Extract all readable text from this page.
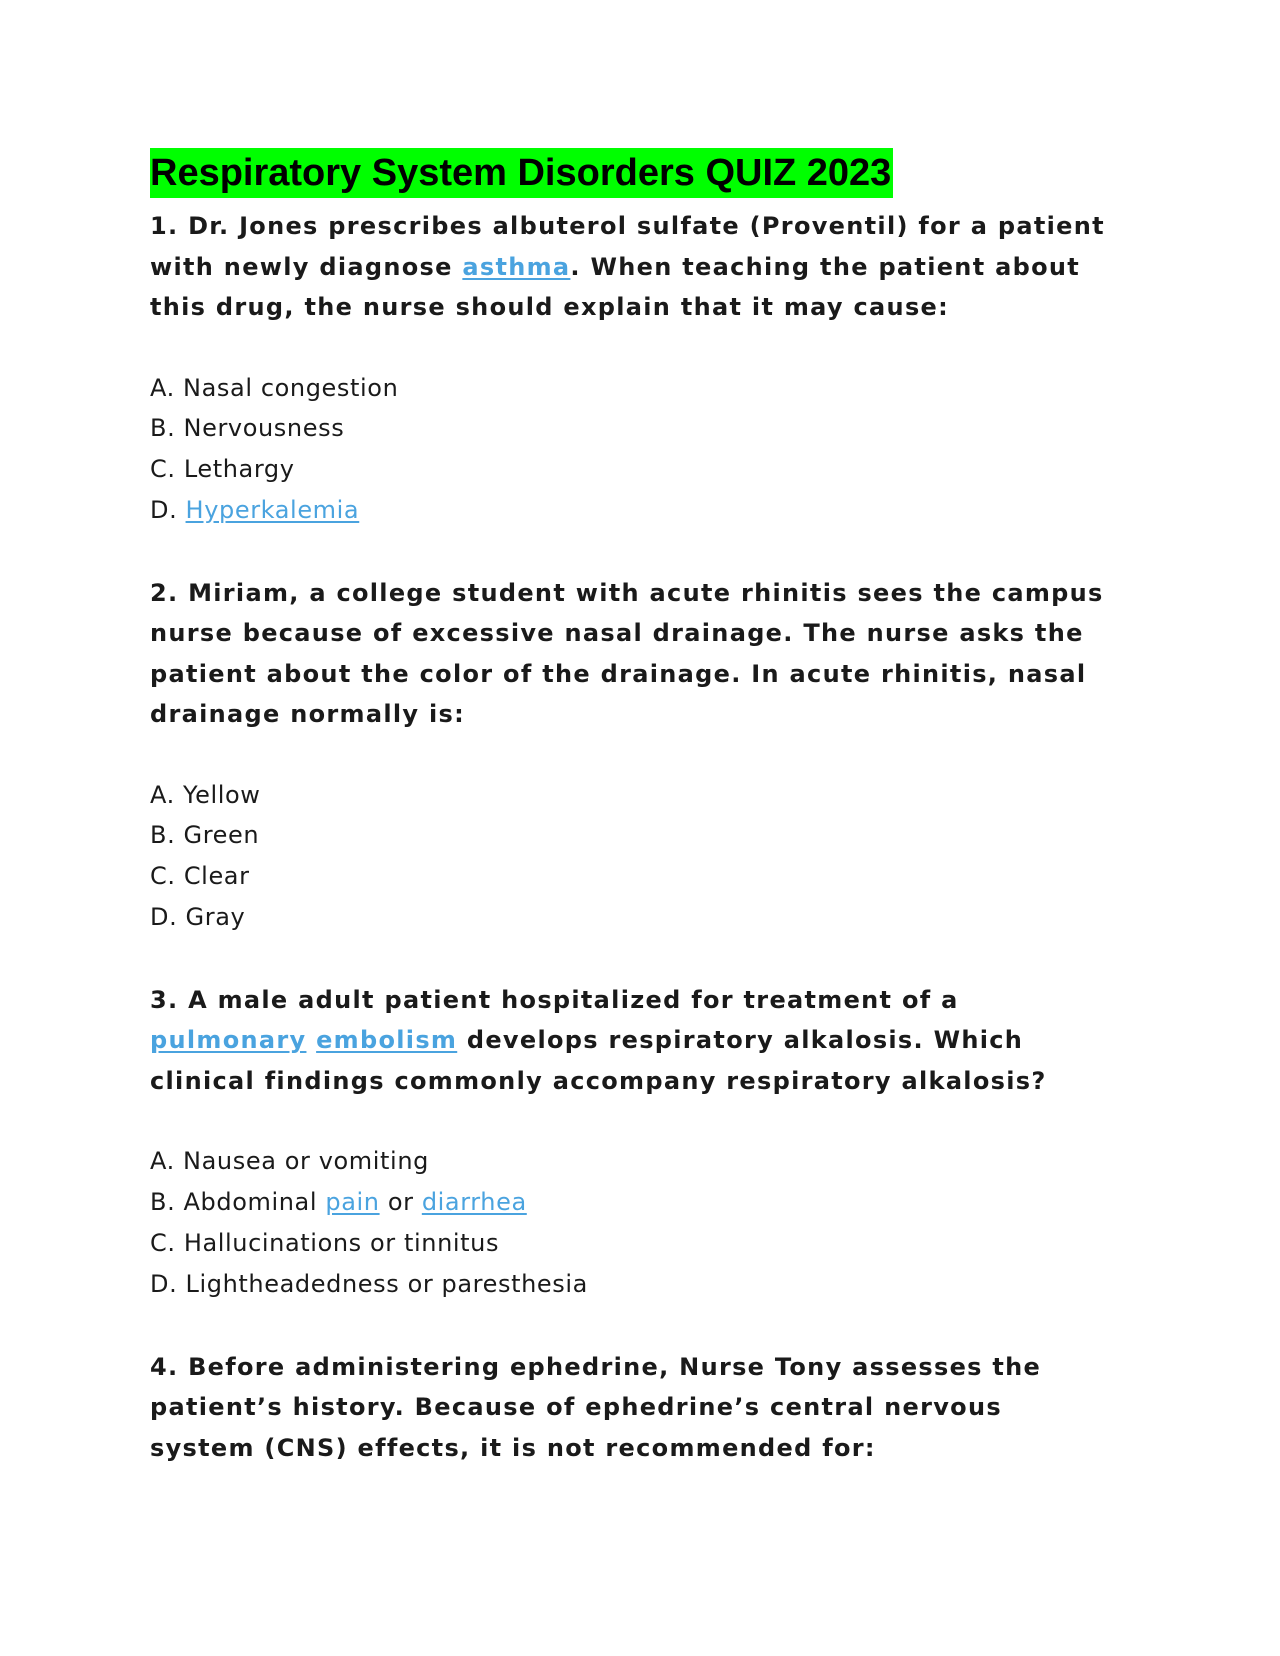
Respiratory System Disorders QUIZ 2023

1. Dr. Jones prescribes albuterol sulfate (Proventil) for a patient with newly diagnose asthma. When teaching the patient about this drug, the nurse should explain that it may cause:

A. Nasal congestion
B. Nervousness
C. Lethargy
D. Hyperkalemia

2. Miriam, a college student with acute rhinitis sees the campus nurse because of excessive nasal drainage. The nurse asks the patient about the color of the drainage. In acute rhinitis, nasal drainage normally is:

A. Yellow
B. Green
C. Clear
D. Gray

3. A male adult patient hospitalized for treatment of a pulmonary embolism develops respiratory alkalosis. Which clinical findings commonly accompany respiratory alkalosis?

A. Nausea or vomiting
B. Abdominal pain or diarrhea
C. Hallucinations or tinnitus
D. Lightheadedness or paresthesia

4. Before administering ephedrine, Nurse Tony assesses the patient’s history. Because of ephedrine’s central nervous system (CNS) effects, it is not recommended for:
